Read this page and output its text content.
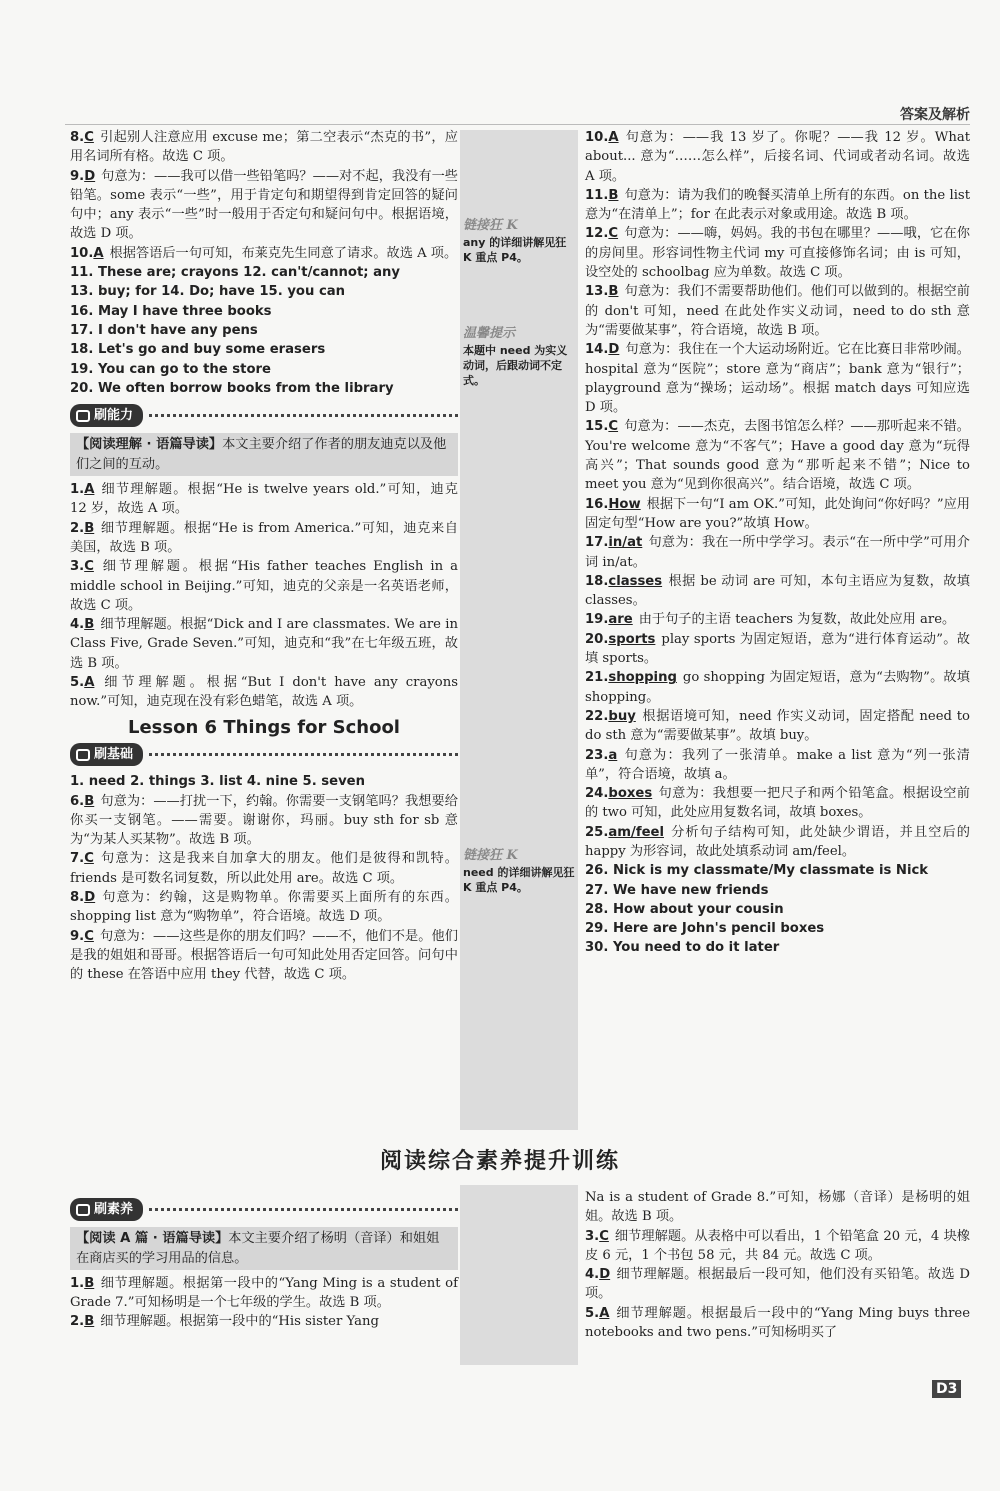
答案及解析
链接狂 K
any 的详细讲解见狂 K 重点 P4。
温馨提示
本题中 need 为实义动词，后跟动词不定式。
链接狂 K
need 的详细讲解见狂 K 重点 P4。
8.C 引起别人注意应用 excuse me；第二空表示“杰克的书”，应用名词所有格。故选 C 项。
9.D 句意为：——我可以借一些铅笔吗？——对不起，我没有一些铅笔。some 表示“一些”，用于肯定句和期望得到肯定回答的疑问句中；any 表示“一些”时一般用于否定句和疑问句中。根据语境，故选 D 项。
10.A 根据答语后一句可知，布莱克先生同意了请求。故选 A 项。
11. These are; crayons 12. can't/cannot; any
13. buy; for 14. Do; have 15. you can
16. May I have three books
17. I don't have any pens
18. Let's go and buy some erasers
19. You can go to the store
20. We often borrow books from the library
刷能力
【阅读理解 · 语篇导读】本文主要介绍了作者的朋友迪克以及他们之间的互动。
1.A 细节理解题。根据“He is twelve years old.”可知，迪克 12 岁，故选 A 项。
2.B 细节理解题。根据“He is from America.”可知，迪克来自美国，故选 B 项。
3.C 细节理解题。根据“His father teaches English in a middle school in Beijing.”可知，迪克的父亲是一名英语老师，故选 C 项。
4.B 细节理解题。根据“Dick and I are classmates. We are in Class Five, Grade Seven.”可知，迪克和“我”在七年级五班，故选 B 项。
5.A 细节理解题。根据“But I don't have any crayons now.”可知，迪克现在没有彩色蜡笔，故选 A 项。
Lesson 6 Things for School
刷基础
1. need 2. things 3. list 4. nine 5. seven
6.B 句意为：——打扰一下，约翰。你需要一支钢笔吗？我想要给你买一支钢笔。——需要。谢谢你，玛丽。buy sth for sb 意为“为某人买某物”。故选 B 项。
7.C 句意为：这是我来自加拿大的朋友。他们是彼得和凯特。friends 是可数名词复数，所以此处用 are。故选 C 项。
8.D 句意为：约翰，这是购物单。你需要买上面所有的东西。shopping list 意为“购物单”，符合语境。故选 D 项。
9.C 句意为：——这些是你的朋友们吗？——不，他们不是。他们是我的姐姐和哥哥。根据答语后一句可知此处用否定回答。问句中的 these 在答语中应用 they 代替，故选 C 项。
10.A 句意为：——我 13 岁了。你呢？——我 12 岁。What about... 意为“……怎么样”，后接名词、代词或者动名词。故选 A 项。
11.B 句意为：请为我们的晚餐买清单上所有的东西。on the list 意为“在清单上”；for 在此表示对象或用途。故选 B 项。
12.C 句意为：——嗨，妈妈。我的书包在哪里？——哦，它在你的房间里。形容词性物主代词 my 可直接修饰名词；由 is 可知，设空处的 schoolbag 应为单数。故选 C 项。
13.B 句意为：我们不需要帮助他们。他们可以做到的。根据空前的 don't 可知，need 在此处作实义动词，need to do sth 意为“需要做某事”，符合语境，故选 B 项。
14.D 句意为：我住在一个大运动场附近。它在比赛日非常吵闹。hospital 意为“医院”；store 意为“商店”；bank 意为“银行”；playground 意为“操场；运动场”。根据 match days 可知应选 D 项。
15.C 句意为：——杰克，去图书馆怎么样？——那听起来不错。You're welcome 意为“不客气”；Have a good day 意为“玩得高兴”；That sounds good 意为“那听起来不错”；Nice to meet you 意为“见到你很高兴”。结合语境，故选 C 项。
16.How 根据下一句“I am OK.”可知，此处询问“你好吗？”应用固定句型“How are you?”故填 How。
17.in/at 句意为：我在一所中学学习。表示“在一所中学”可用介词 in/at。
18.classes 根据 be 动词 are 可知，本句主语应为复数，故填 classes。
19.are 由于句子的主语 teachers 为复数，故此处应用 are。
20.sports play sports 为固定短语，意为“进行体育运动”。故填 sports。
21.shopping go shopping 为固定短语，意为“去购物”。故填 shopping。
22.buy 根据语境可知，need 作实义动词，固定搭配 need to do sth 意为“需要做某事”。故填 buy。
23.a 句意为：我列了一张清单。make a list 意为“列一张清单”，符合语境，故填 a。
24.boxes 句意为：我想要一把尺子和两个铅笔盒。根据设空前的 two 可知，此处应用复数名词，故填 boxes。
25.am/feel 分析句子结构可知，此处缺少谓语，并且空后的 happy 为形容词，故此处填系动词 am/feel。
26. Nick is my classmate/My classmate is Nick
27. We have new friends
28. How about your cousin
29. Here are John's pencil boxes
30. You need to do it later
阅读综合素养提升训练
刷素养
【阅读 A 篇 · 语篇导读】本文主要介绍了杨明（音译）和姐姐在商店买的学习用品的信息。
1.B 细节理解题。根据第一段中的“Yang Ming is a student of Grade 7.”可知杨明是一个七年级的学生。故选 B 项。
2.B 细节理解题。根据第一段中的“His sister Yang
Na is a student of Grade 8.”可知，杨娜（音译）是杨明的姐姐。故选 B 项。
3.C 细节理解题。从表格中可以看出，1 个铅笔盒 20 元，4 块橡皮 6 元，1 个书包 58 元，共 84 元。故选 C 项。
4.D 细节理解题。根据最后一段可知，他们没有买铅笔。故选 D 项。
5.A 细节理解题。根据最后一段中的“Yang Ming buys three notebooks and two pens.”可知杨明买了
D3
